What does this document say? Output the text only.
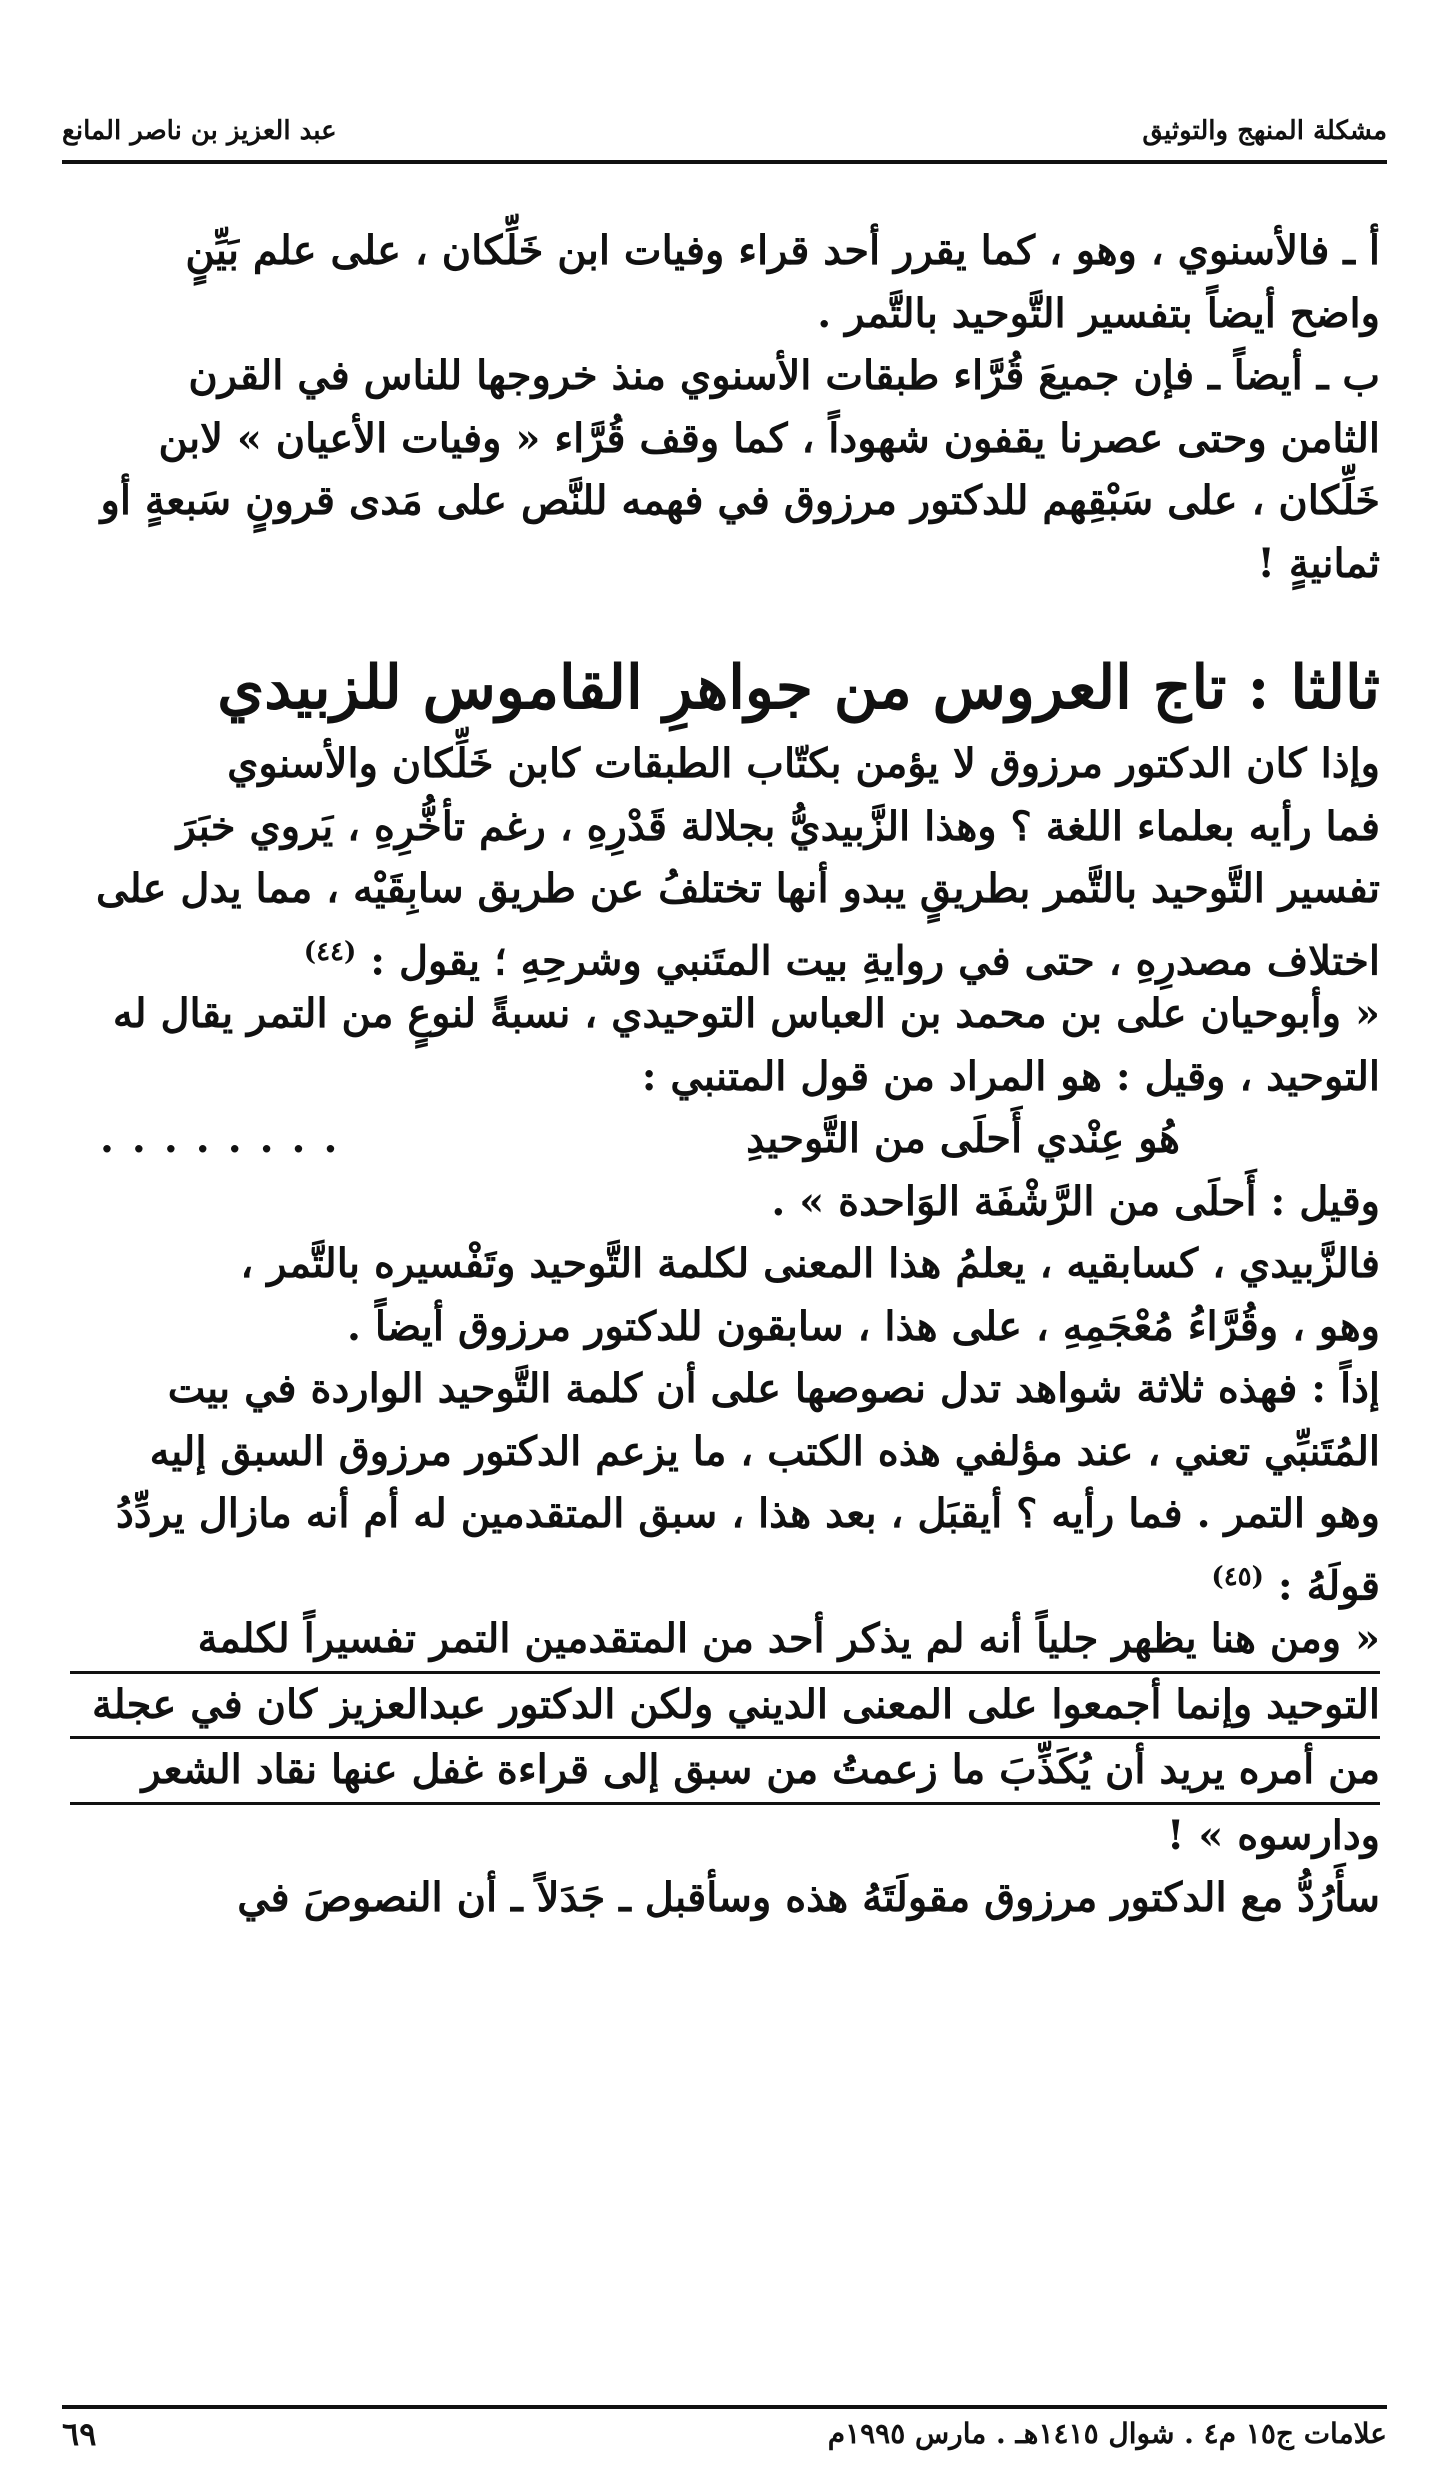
مشكلة المنهج والتوثيق
عبد العزيز بن ناصر المانع
أ ـ فالأسنوي ، وهو ، كما يقرر أحد قراء وفيات ابن خَلِّكان ، على علم بَيِّنٍ
واضح أيضاً بتفسير التَّوحيد بالتَّمر .
ب ـ أيضاً ـ فإن جميعَ قُرَّاء طبقات الأسنوي منذ خروجها للناس في القرن
الثامن وحتى عصرنا يقفون شهوداً ، كما وقف قُرَّاء « وفيات الأعيان » لابن
خَلِّكان ، على سَبْقِهم للدكتور مرزوق في فهمه للنَّص على مَدى قرونٍ سَبعةٍ أو
ثمانيةٍ !
ثالثا : تاج العروس من جواهرِ القاموس للزبيدي
وإذا كان الدكتور مرزوق لا يؤمن بكتّاب الطبقات كابن خَلِّكان والأسنوي
فما رأيه بعلماء اللغة ؟ وهذا الزَّبيديُّ بجلالة قَدْرِهِ ، رغم تأخُّرِهِ ، يَروي خبَرَ
تفسير التَّوحيد بالتَّمر بطريقٍ يبدو أنها تختلفُ عن طريق سابِقَيْه ، مما يدل على
اختلاف مصدرِهِ ، حتى في روايةِ بيت المتَنبي وشرحِهِ ؛ يقول : $^{(٤٤)}$
« وأبوحيان على بن محمد بن العباس التوحيدي ، نسبةً لنوعٍ من التمر يقال له
التوحيد ، وقيل : هو المراد من قول المتنبي :
هُو عِنْدي أَحلَى من التَّوحيدِ
........
وقيل : أَحلَى من الرَّشْفَة الوَاحدة » .
فالزَّبيدي ، كسابقيه ، يعلمُ هذا المعنى لكلمة التَّوحيد وتَفْسيره بالتَّمر ،
وهو ، وقُرَّاءُ مُعْجَمِهِ ، على هذا ، سابقون للدكتور مرزوق أيضاً .
إذاً : فهذه ثلاثة شواهد تدل نصوصها على أن كلمة التَّوحيد الواردة في بيت
المُتَنبِّي تعني ، عند مؤلفي هذه الكتب ، ما يزعم الدكتور مرزوق السبق إليه
وهو التمر . فما رأيه ؟ أيقبَل ، بعد هذا ، سبق المتقدمين له أم أنه مازال يردِّدُ
قولَهُ : $^{(٤٥)}$
« ومن هنا يظهر جلياً أنه لم يذكر أحد من المتقدمين التمر تفسيراً لكلمة
التوحيد وإنما أجمعوا على المعنى الديني ولكن الدكتور عبدالعزيز كان في عجلة
من أمره يريد أن يُكَذِّبَ ما زعمتُ من سبق إلى قراءة غفل عنها نقاد الشعر
ودارسوه » !
سأَرُدُّ مع الدكتور مرزوق مقولَتَهُ هذه وسأقبل ـ جَدَلاً ـ أن النصوصَ في
علامات ج١٥ م٤ . شوال ١٤١٥هـ . مارس ١٩٩٥م
٦٩
